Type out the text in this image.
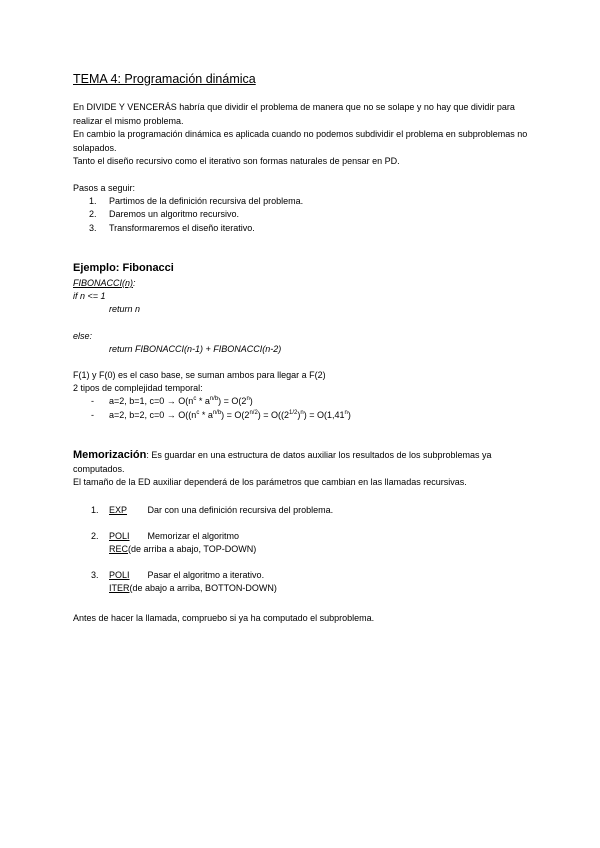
TEMA 4: Programación dinámica

En DIVIDE Y VENCERÁS habría que dividir el problema de manera que no se solape y no hay que dividir para realizar el mismo problema.

En cambio la programación dinámica es aplicada cuando no podemos subdividir el problema en subproblemas no solapados.

Tanto el diseño recursivo como el iterativo son formas naturales de pensar en PD.

Pasos a seguir:
1. Partimos de la definición recursiva del problema.
2. Daremos un algoritmo recursivo.
3. Transformaremos el diseño iterativo.
Ejemplo: Fibonacci
FIBONACCI(n):
if n <= 1
return n
else:
return FIBONACCI(n-1) + FIBONACCI(n-2)
F(1) y F(0) es el caso base, se suman ambos para llegar a F(2)
2 tipos de complejidad temporal:
- a=2, b=1, $c=0 \to O(n^c * a^{n/b}) = O(2^n)$
- a=2, b=2, $c=0 \to O((n^c * a^{n/b}) = O(2^{n/2}) = O((2^{1/2})^n) = O(1,41^n)$

Memorización: Es guardar en una estructura de datos auxiliar los resultados de los subproblemas ya computados.

El tamaño de la ED auxiliar dependerá de los parámetros que cambian en las llamadas recursivas.

1. EXP Dar con una definición recursiva del problema.
2. POLI Memorizar el algoritmo
REC(de arriba a abajo, TOP-DOWN)
3. POLI Pasar el algoritmo a iterativo.
ITER(de abajo a arriba, BOTTON-DOWN)
Antes de hacer la llamada, compruebo si ya ha computado el subproblema.
